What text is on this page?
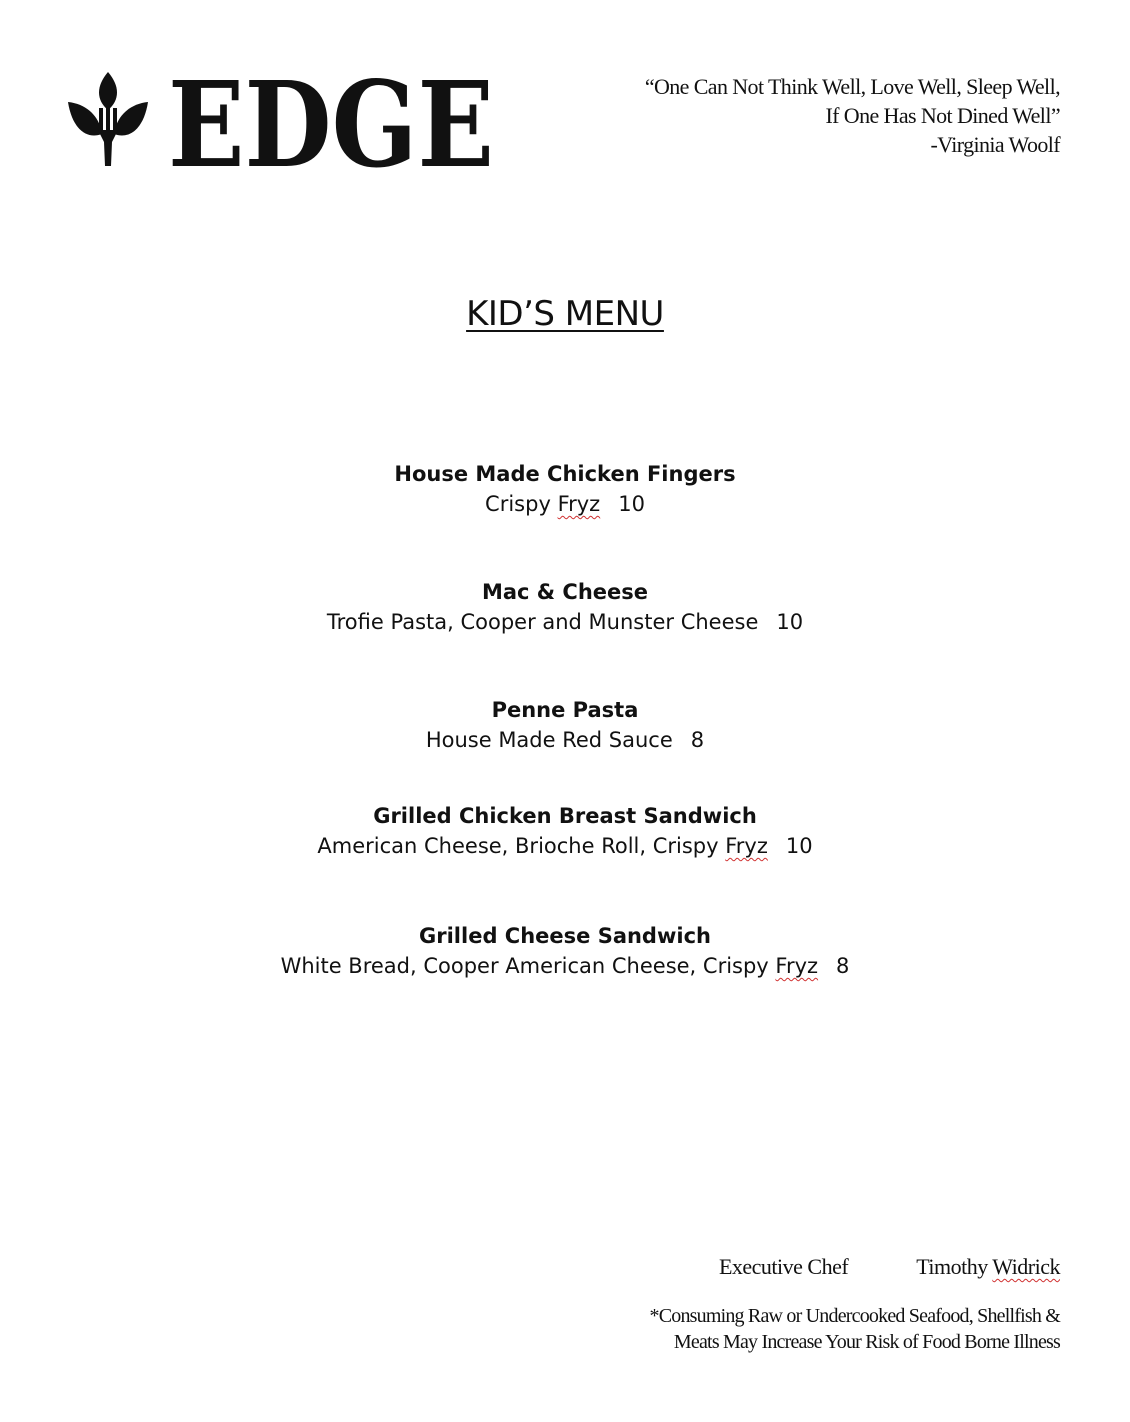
EDGE	“One Can Not Think Well, Love Well, Sleep Well,
If One Has Not Dined Well”
-Virginia Woolf
KID’S MENU
House Made Chicken Fingers
Crispy Fryz 10
Mac & Cheese
Trofie Pasta, Cooper and Munster Cheese 10
Penne Pasta
House Made Red Sauce 8
Grilled Chicken Breast Sandwich
American Cheese, Brioche Roll, Crispy Fryz 10
Grilled Cheese Sandwich
White Bread, Cooper American Cheese, Crispy Fryz 8
Executive Chef	Timothy Widrick
*Consuming Raw or Undercooked Seafood, Shellfish &
Meats May Increase Your Risk of Food Borne Illness
